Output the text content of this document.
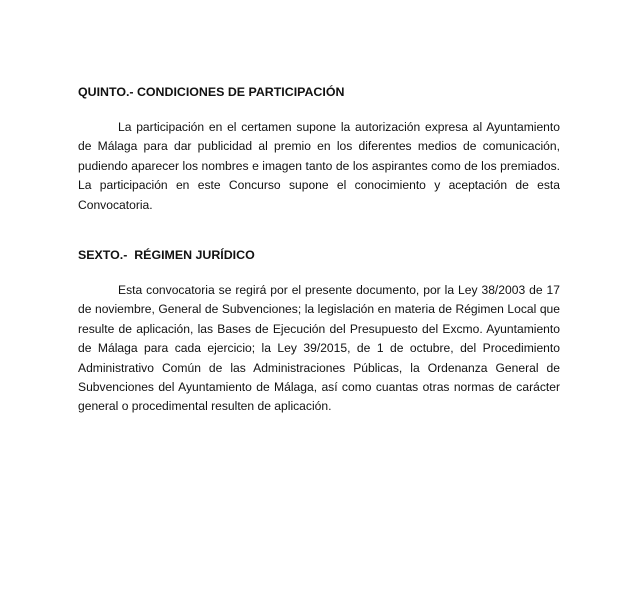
QUINTO.- CONDICIONES DE PARTICIPACIÓN

La participación en el certamen supone la autorización expresa al Ayuntamiento de Málaga para dar publicidad al premio en los diferentes medios de comunicación, pudiendo aparecer los nombres e imagen tanto de los aspirantes como de los premiados. La participación en este Concurso supone el conocimiento y aceptación de esta Convocatoria.

SEXTO.-  RÉGIMEN JURÍDICO

Esta convocatoria se regirá por el presente documento, por la Ley 38/2003 de 17 de noviembre, General de Subvenciones; la legislación en materia de Régimen Local que resulte de aplicación, las Bases de Ejecución del Presupuesto del Excmo. Ayuntamiento de Málaga para cada ejercicio; la Ley 39/2015, de 1 de octubre, del Procedimiento Administrativo Común de las Administraciones Públicas, la Ordenanza General de Subvenciones del Ayuntamiento de Málaga, así como cuantas otras normas de carácter general o procedimental resulten de aplicación.
